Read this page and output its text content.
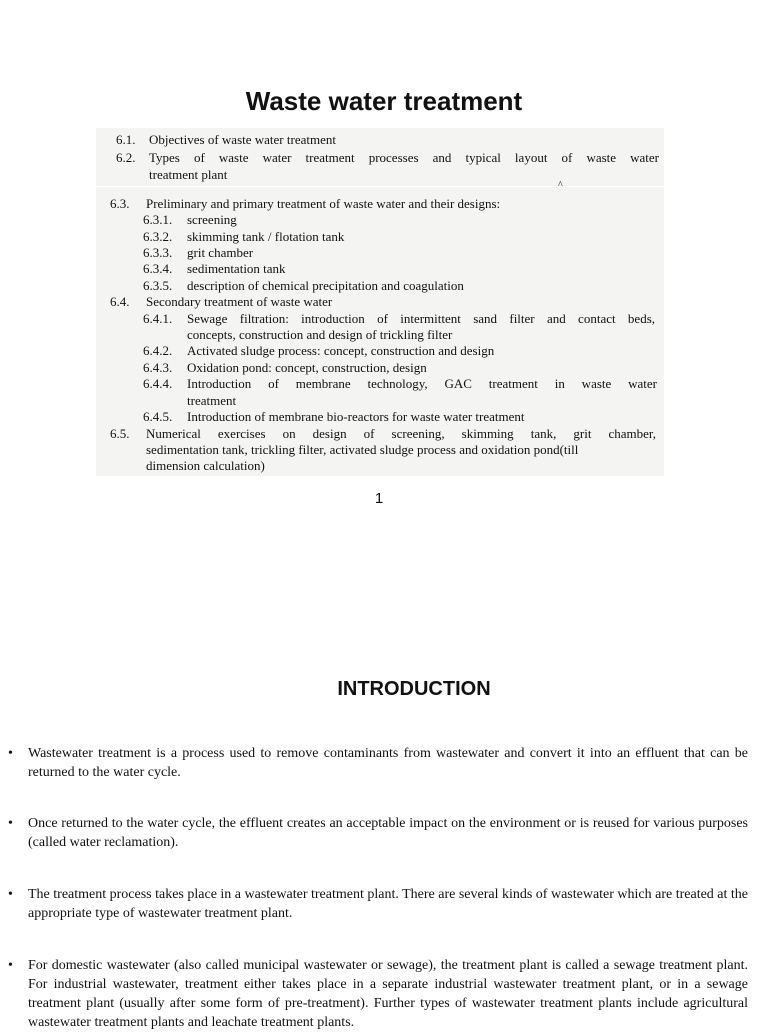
Waste water treatment
^
6.1. Objectives of waste water treatment
6.2. Types of waste water treatment processes and typical layout of waste water
treatment plant
6.3. Preliminary and primary treatment of waste water and their designs:
6.3.1. screening
6.3.2. skimming tank / flotation tank
6.3.3. grit chamber
6.3.4. sedimentation tank
6.3.5. description of chemical precipitation and coagulation
6.4. Secondary treatment of waste water
6.4.1. Sewage filtration: introduction of intermittent sand filter and contact beds,
concepts, construction and design of trickling filter
6.4.2. Activated sludge process: concept, construction and design
6.4.3. Oxidation pond: concept, construction, design
6.4.4. Introduction of membrane technology, GAC treatment in waste water
treatment
6.4.5. Introduction of membrane bio-reactors for waste water treatment
6.5. Numerical exercises on design of screening, skimming tank, grit chamber,
sedimentation tank, trickling filter, activated sludge process and oxidation pond(till
dimension calculation)
1
INTRODUCTION
• Wastewater treatment is a process used to remove contaminants from wastewater and convert it into an effluent that can be returned to the water cycle.
• Once returned to the water cycle, the effluent creates an acceptable impact on the environment or is reused for various purposes (called water reclamation).
• The treatment process takes place in a wastewater treatment plant. There are several kinds of wastewater which are treated at the appropriate type of wastewater treatment plant.
• For domestic wastewater (also called municipal wastewater or sewage), the treatment plant is called a sewage treatment plant. For industrial wastewater, treatment either takes place in a separate industrial wastewater treatment plant, or in a sewage treatment plant (usually after some form of pre-treatment). Further types of wastewater treatment plants include agricultural wastewater treatment plants and leachate treatment plants.
